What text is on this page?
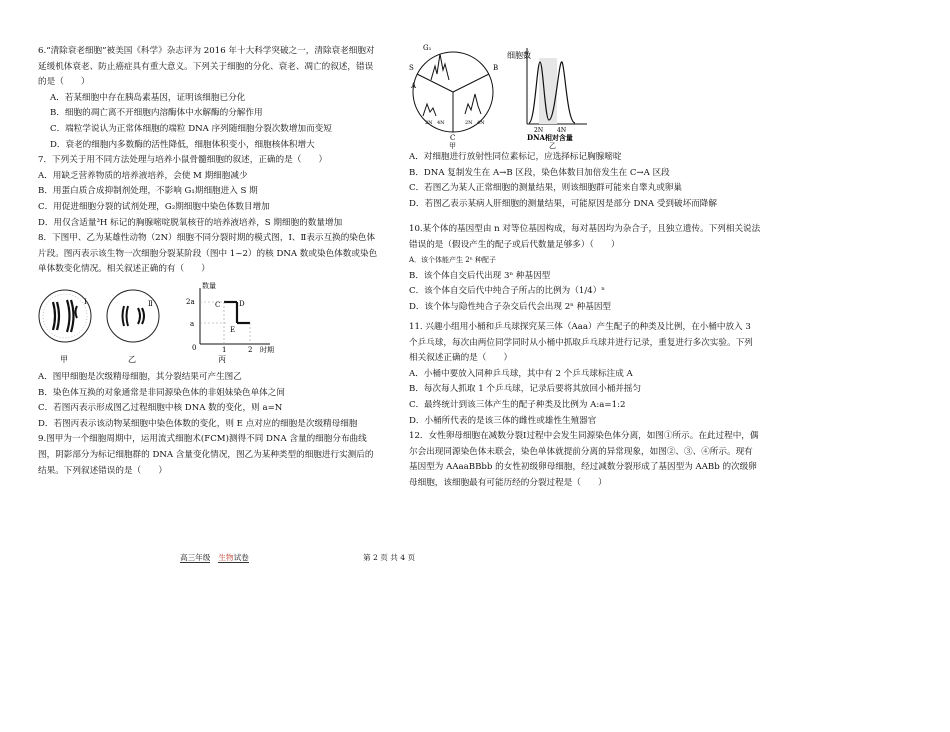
6.“清除衰老细胞”被美国《科学》杂志评为 2016 年十大科学突破之一，清除衰老细胞对延缓机体衰老、防止癌症具有重大意义。下列关于细胞的分化、衰老、凋亡的叙述，错误的是（　　）

A．若某细胞中存在胰岛素基因，证明该细胞已分化

B．细胞的凋亡离不开细胞内溶酶体中水解酶的分解作用

C．端粒学说认为正常体细胞的端粒 DNA 序列随细胞分裂次数增加而变短

D．衰老的细胞内多数酶的活性降低，细胞体积变小，细胞核体积增大

7．下列关于用不同方法处理与培养小鼠骨髓细胞的叙述，正确的是（　　）

A．用缺乏营养物质的培养液培养，会使 M 期细胞减少

B．用蛋白质合成抑制剂处理，不影响 G₁期细胞进入 S 期

C．用促进细胞分裂的试剂处理，G₂期细胞中染色体数目增加

D．用仅含适量³H 标记的胸腺嘧啶脱氧核苷的培养液培养，S 期细胞的数量增加

8．下图甲、乙为某雄性动物（2N）细胞不同分裂时期的模式图，Ⅰ、Ⅱ表示互换的染色体片段。图丙表示该生物一次细胞分裂某阶段（图中 1~2）的核 DNA 数或染色体数或染色单体数变化情况。相关叙述正确的有（　　）

Ⅰ
甲
Ⅱ
乙
数量
2a
a
0
C	D
E
1	2 时期
丙

A．图甲细胞是次级精母细胞，其分裂结果可产生图乙

B．染色体互换的对象通常是非同源染色体的非姐妹染色单体之间

C．若图丙表示形成图乙过程细胞中核 DNA 数的变化，则 a=N

D．若图丙表示该动物某细胞中染色体数的变化，则 E 点对应的细胞是次级精母细胞

9.图甲为一个细胞周期中，运用流式细胞术(FCM)测得不同 DNA 含量的细胞分布曲线图，阴影部分为标记细胞群的 DNA 含量变化情况，图乙为某种类型的细胞进行实测后的结果。下列叙述错误的是（　　）

G₁
S
A
B
C
2N 4N	2N 4N
甲
细胞数
2N 4N
DNA相对含量
乙

A．对细胞进行放射性同位素标记，应选择标记胸腺嘧啶

B．DNA 复制发生在 A→B 区段，染色体数目加倍发生在 C→A 区段

C．若图乙为某人正常细胞的测量结果，则该细胞群可能来自睾丸或卵巢

D．若图乙表示某病人肝细胞的测量结果，可能原因是部分 DNA 受到破坏而降解

10.某个体的基因型由 n 对等位基因构成，每对基因均为杂合子，且独立遗传。下列相关说法错误的是（假设产生的配子或后代数量足够多）（　　）

A．该个体能产生 2ⁿ 种配子

B．该个体自交后代出现 3ⁿ 种基因型

C．该个体自交后代中纯合子所占的比例为（1/4）ⁿ

D．该个体与隐性纯合子杂交后代会出现 2ⁿ 种基因型

11. 兴趣小组用小桶和乒乓球探究某三体（Aaa）产生配子的种类及比例，在小桶中放入 3 个乒乓球，每次由两位同学同时从小桶中抓取乒乓球并进行记录，重复进行多次实验。下列相关叙述正确的是（　　）

A．小桶中要放入同种乒乓球，其中有 2 个乒乓球标注成 A

B．每次每人抓取 1 个乒乓球，记录后要将其放回小桶并摇匀

C．最终统计到该三体产生的配子种类及比例为 A:a=1:2

D．小桶所代表的是该三体的雌性或雄性生殖器官

12．女性卵母细胞在减数分裂Ⅰ过程中会发生同源染色体分离，如图①所示。在此过程中，偶尔会出现同源染色体未联会，染色单体就提前分离的异常现象，如图②、③、④所示。现有基因型为 AAaaBBbb 的女性初级卵母细胞，经过减数分裂形成了基因型为 AABb 的次级卵母细胞，该细胞最有可能历经的分裂过程是（　　）

高三年级 生物试卷	第 2 页 共 4 页
